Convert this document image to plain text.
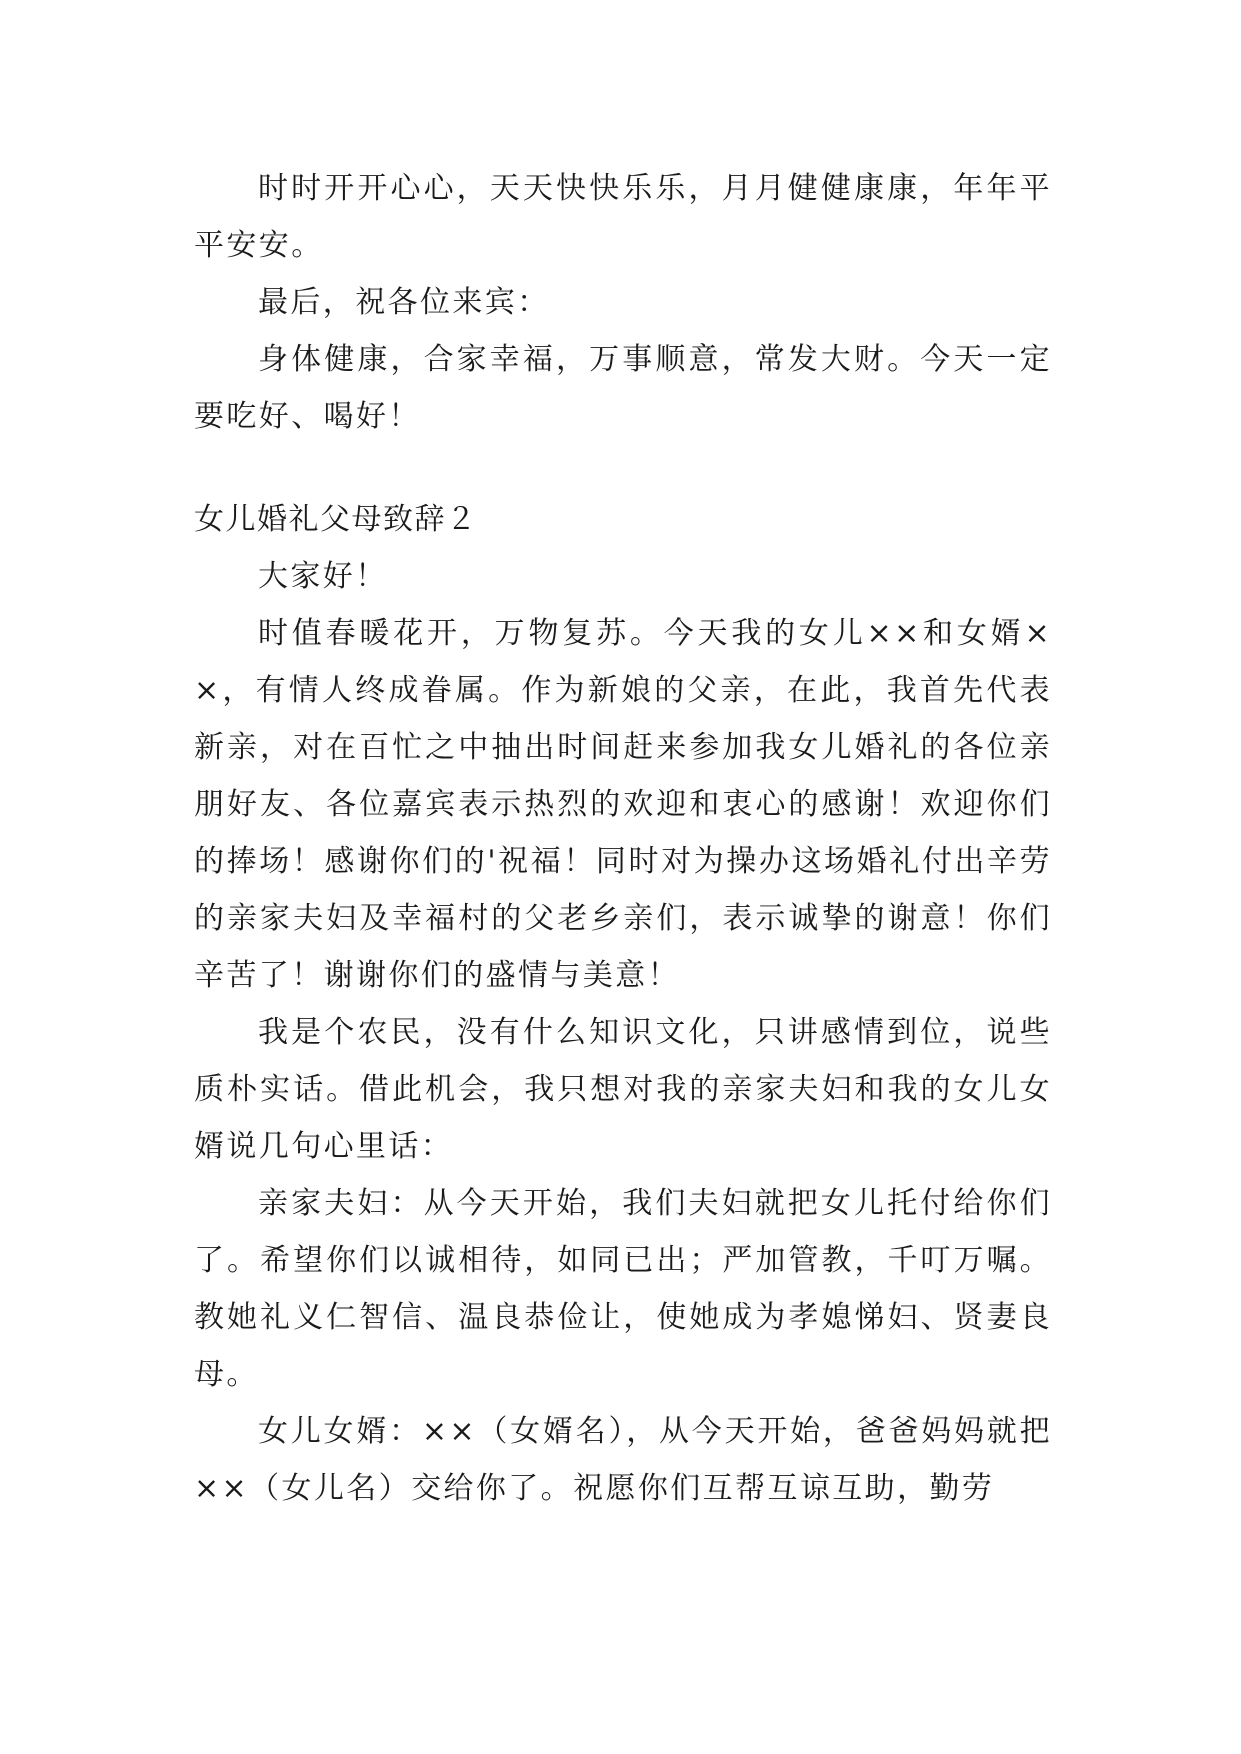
时时开开心心，天天快快乐乐，月月健健康康，年年平平安安。

最后，祝各位来宾：

身体健康，合家幸福，万事顺意，常发大财。今天一定要吃好、喝好！

女儿婚礼父母致辞２

大家好！

时值春暖花开，万物复苏。今天我的女儿××和女婿××，有情人终成眷属。作为新娘的父亲，在此，我首先代表新亲，对在百忙之中抽出时间赶来参加我女儿婚礼的各位亲朋好友、各位嘉宾表示热烈的欢迎和衷心的感谢！欢迎你们的捧场！感谢你们的'祝福！同时对为操办这场婚礼付出辛劳的亲家夫妇及幸福村的父老乡亲们，表示诚挚的谢意！你们辛苦了！谢谢你们的盛情与美意！

我是个农民，没有什么知识文化，只讲感情到位，说些质朴实话。借此机会，我只想对我的亲家夫妇和我的女儿女婿说几句心里话：

亲家夫妇：从今天开始，我们夫妇就把女儿托付给你们了。希望你们以诚相待，如同已出；严加管教，千叮万嘱。教她礼义仁智信、温良恭俭让，使她成为孝媳悌妇、贤妻良母。

女儿女婿：××（女婿名），从今天开始，爸爸妈妈就把××（女儿名）交给你了。祝愿你们互帮互谅互助，勤劳
